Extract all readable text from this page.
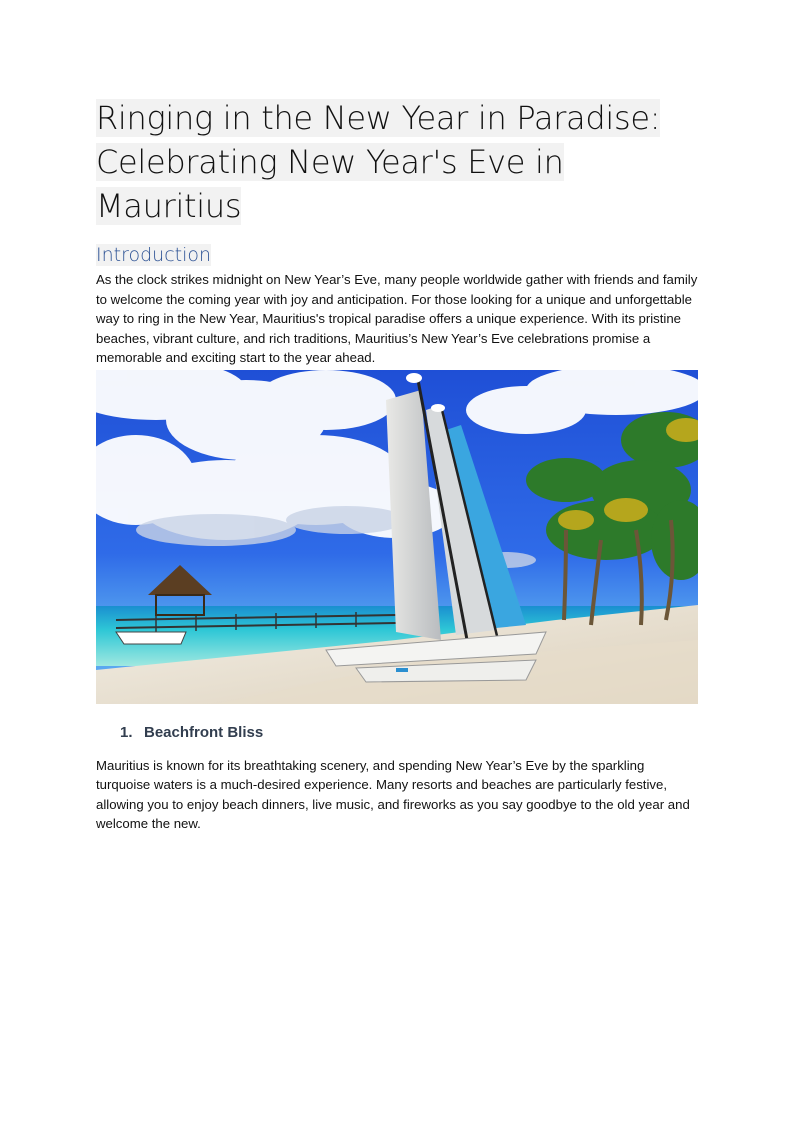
Ringing in the New Year in Paradise:
Celebrating New Year's Eve in Mauritius
Introduction

As the clock strikes midnight on New Year’s Eve, many people worldwide gather with friends and family to welcome the coming year with joy and anticipation. For those looking for a unique and unforgettable way to ring in the New Year, Mauritius's tropical paradise offers a unique experience. With its pristine beaches, vibrant culture, and rich traditions, Mauritius’s New Year’s Eve celebrations promise a memorable and exciting start to the year ahead.

1. Beachfront Bliss

Mauritius is known for its breathtaking scenery, and spending New Year’s Eve by the sparkling turquoise waters is a much-desired experience. Many resorts and beaches are particularly festive, allowing you to enjoy beach dinners, live music, and fireworks as you say goodbye to the old year and welcome the new.
